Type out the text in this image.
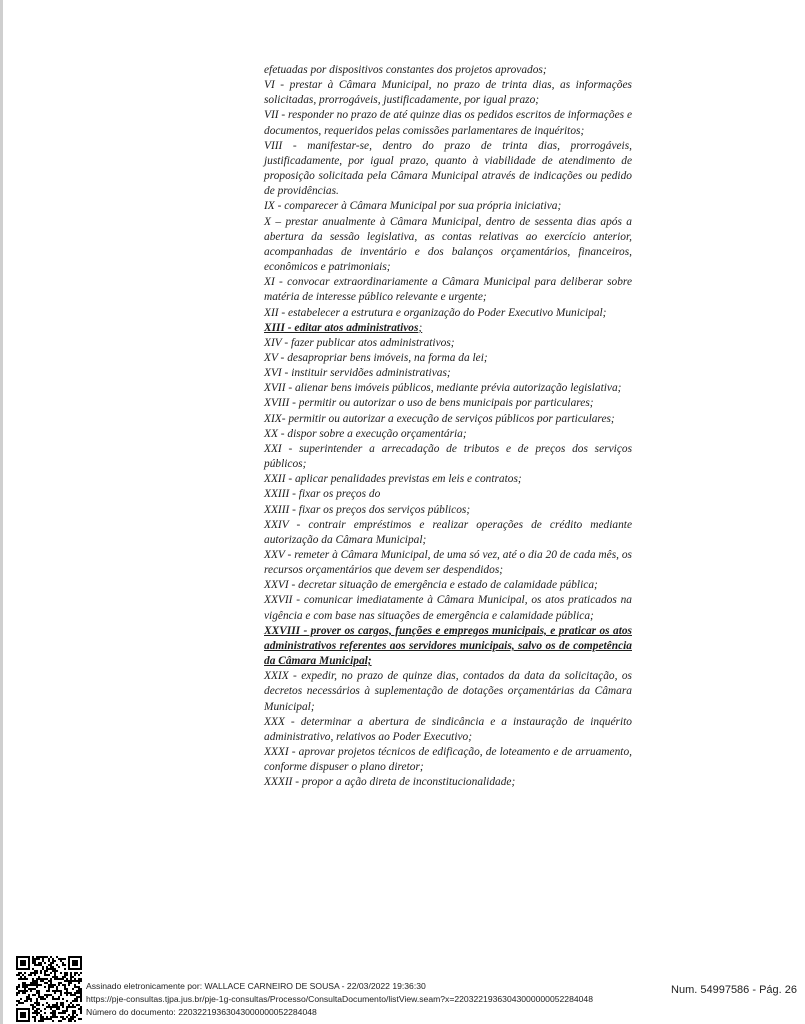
efetuadas por dispositivos constantes dos projetos aprovados;

VI - prestar à Câmara Municipal, no prazo de trinta dias, as informações solicitadas, prorrogáveis, justificadamente, por igual prazo;

VII - responder no prazo de até quinze dias os pedidos escritos de informações e documentos, requeridos pelas comissões parlamentares de inquéritos;

VIII - manifestar-se, dentro do prazo de trinta dias, prorrogáveis, justificadamente, por igual prazo, quanto à viabilidade de atendimento de proposição solicitada pela Câmara Municipal através de indicações ou pedido de providências.

IX - comparecer à Câmara Municipal por sua própria iniciativa;

X – prestar anualmente à Câmara Municipal, dentro de sessenta dias após a abertura da sessão legislativa, as contas relativas ao exercício anterior, acompanhadas de inventário e dos balanços orçamentários, financeiros, econômicos e patrimoniais;

XI - convocar extraordinariamente a Câmara Municipal para deliberar sobre matéria de interesse público relevante e urgente;

XII - estabelecer a estrutura e organização do Poder Executivo Municipal;

XIII - editar atos administrativos;

XIV - fazer publicar atos administrativos;

XV - desapropriar bens imóveis, na forma da lei;

XVI - instituir servidões administrativas;

XVII - alienar bens imóveis públicos, mediante prévia autorização legislativa;

XVIII - permitir ou autorizar o uso de bens municipais por particulares;

XIX- permitir ou autorizar a execução de serviços públicos por particulares;

XX - dispor sobre a execução orçamentária;

XXI - superintender a arrecadação de tributos e de preços dos serviços públicos;

XXII - aplicar penalidades previstas em leis e contratos;

XXIII - fixar os preços do

XXIII - fixar os preços dos serviços públicos;

XXIV - contrair empréstimos e realizar operações de crédito mediante autorização da Câmara Municipal;

XXV - remeter à Câmara Municipal, de uma só vez, até o dia 20 de cada mês, os recursos orçamentários que devem ser despendidos;

XXVI - decretar situação de emergência e estado de calamidade pública;

XXVII - comunicar imediatamente à Câmara Municipal, os atos praticados na vigência e com base nas situações de emergência e calamidade pública;

XXVIII - prover os cargos, funções e empregos municipais, e praticar os atos administrativos referentes aos servidores municipais, salvo os de competência da Câmara Municipal;

XXIX - expedir, no prazo de quinze dias, contados da data da solicitação, os decretos necessários à suplementação de dotações orçamentárias da Câmara Municipal;

XXX - determinar a abertura de sindicância e a instauração de inquérito administrativo, relativos ao Poder Executivo;

XXXI - aprovar projetos técnicos de edificação, de loteamento e de arruamento, conforme dispuser o plano diretor;

XXXII - propor a ação direta de inconstitucionalidade;

Assinado eletronicamente por: WALLACE CARNEIRO DE SOUSA - 22/03/2022 19:36:30
https://pje-consultas.tjpa.jus.br/pje-1g-consultas/Processo/ConsultaDocumento/listView.seam?x=22032219363043000000052284048
Número do documento: 22032219363043000000052284048
Num. 54997586 - Pág. 26
